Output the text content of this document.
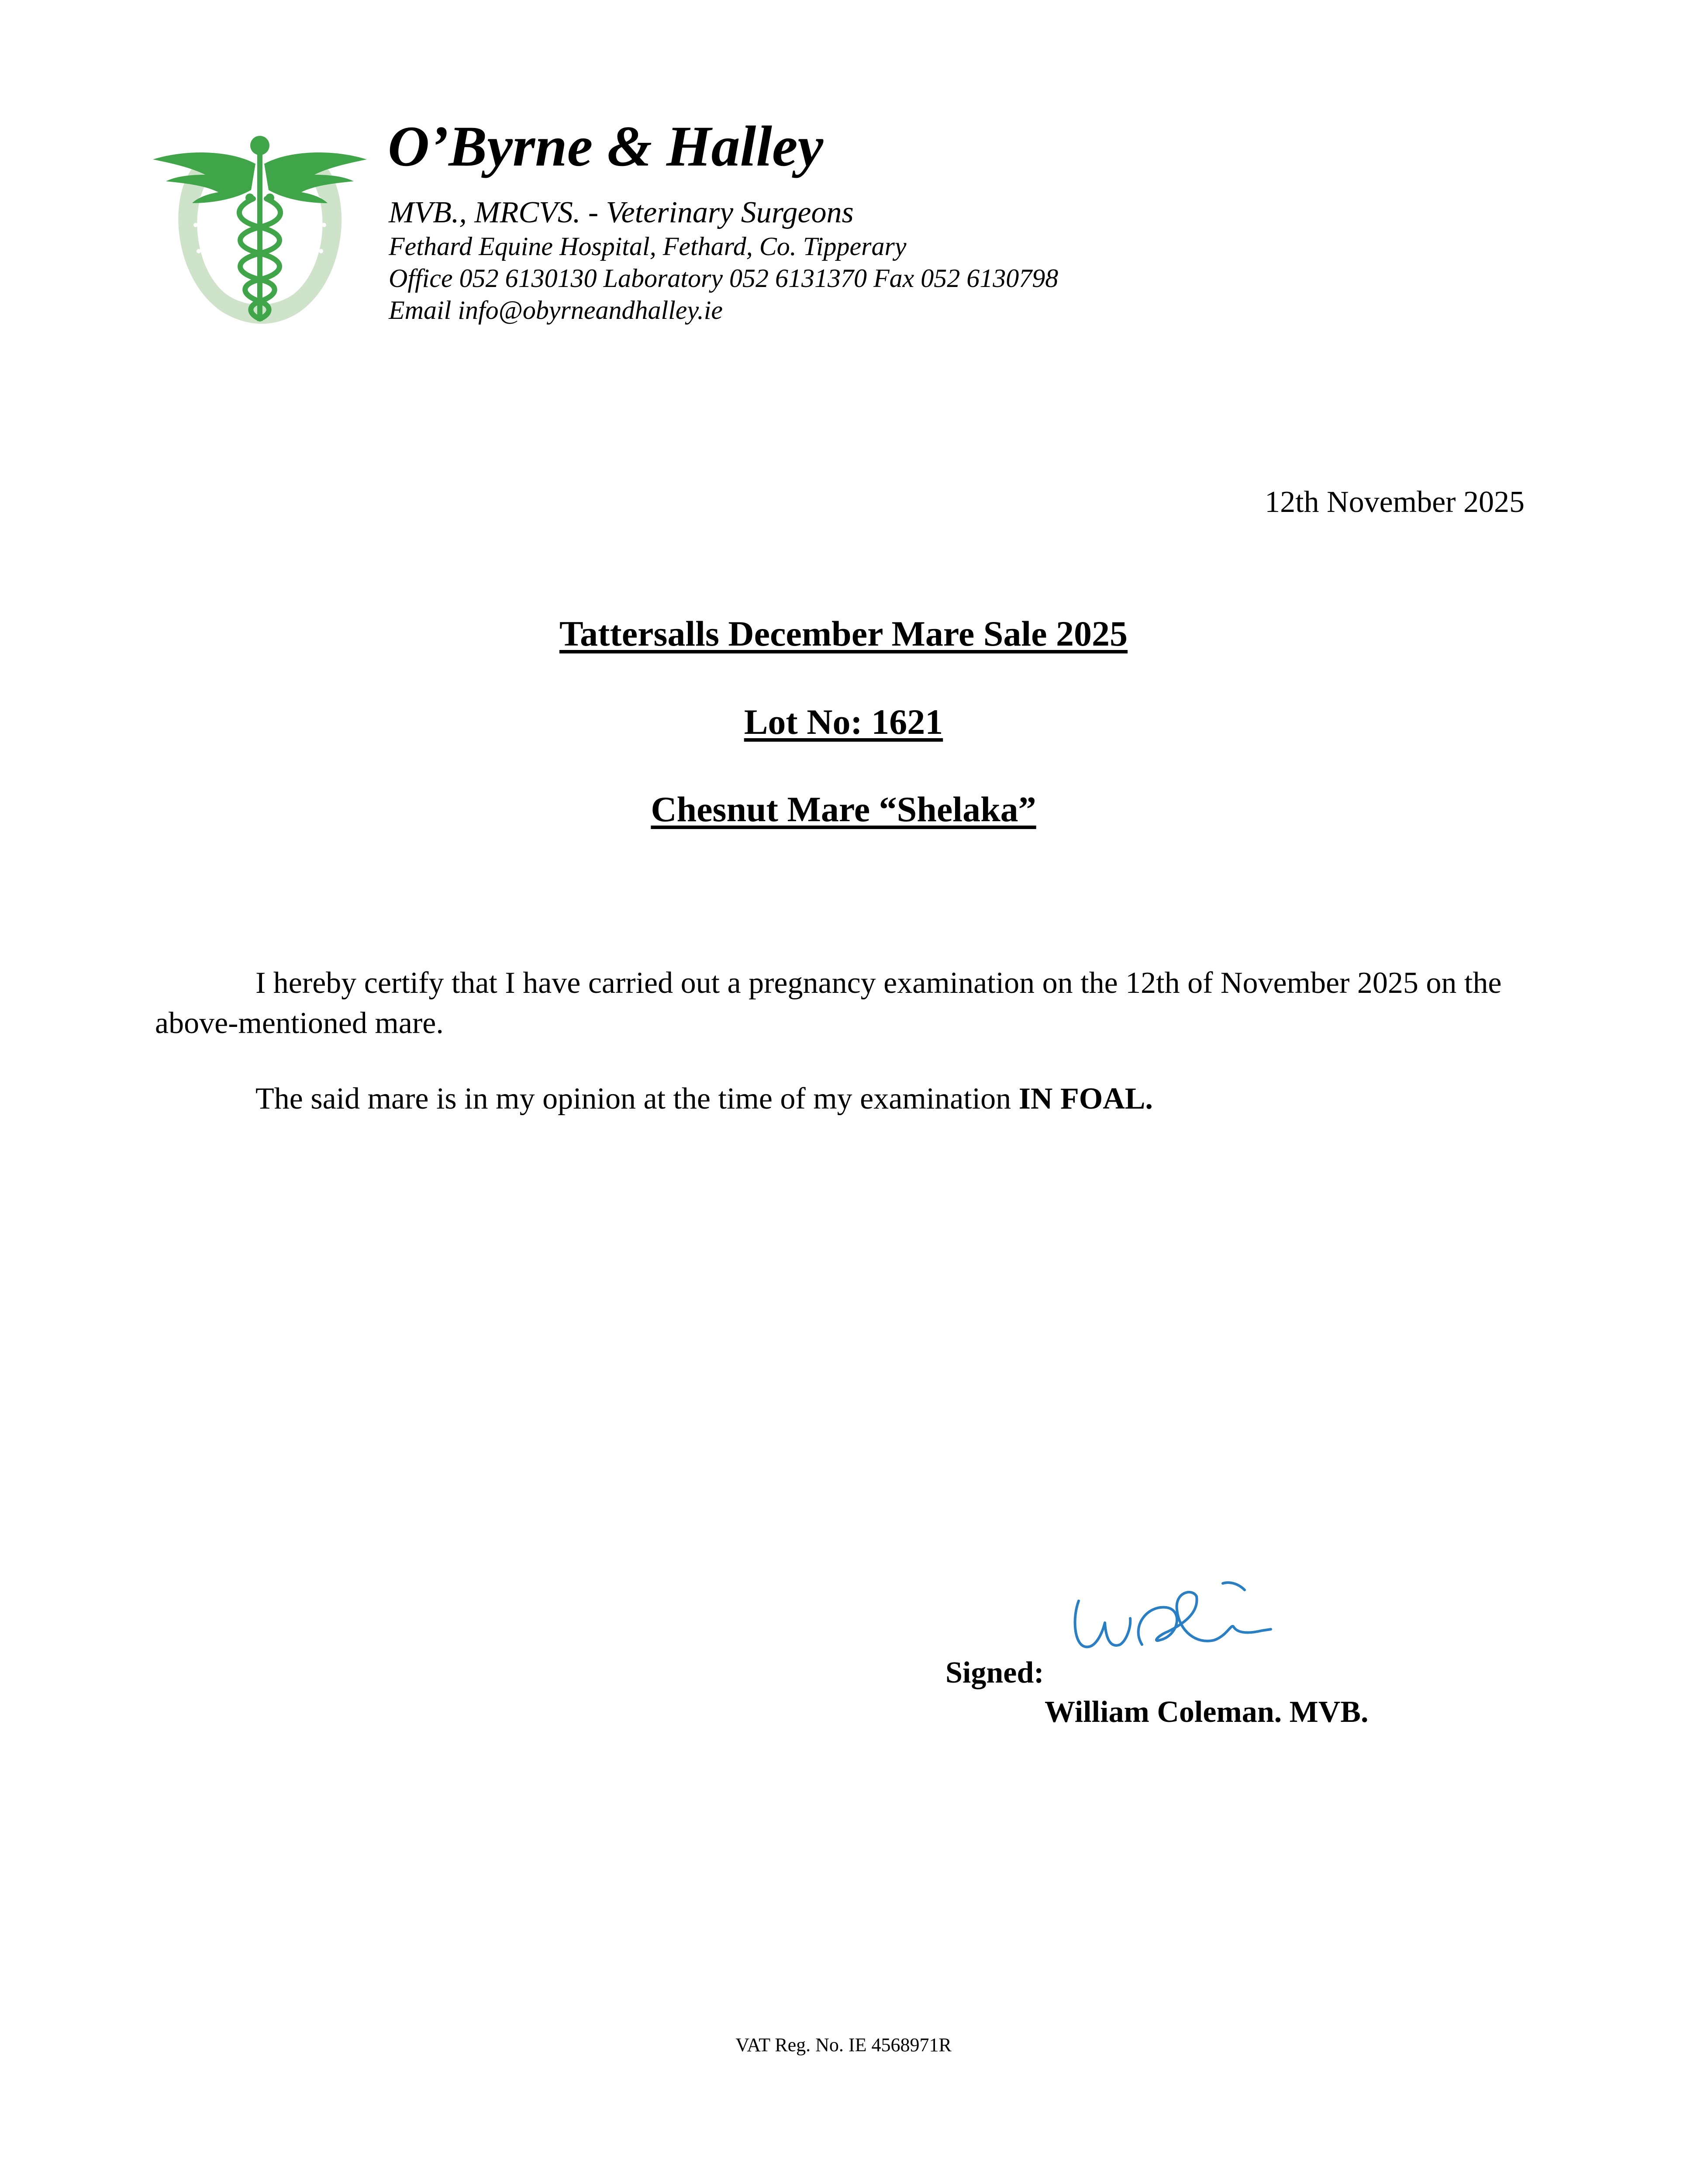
O’Byrne & Halley
MVB., MRCVS. - Veterinary Surgeons
Fethard Equine Hospital, Fethard, Co. Tipperary
Office 052 6130130 Laboratory 052 6131370 Fax 052 6130798
Email info@obyrneandhalley.ie
12th November 2025
Tattersalls December Mare Sale 2025
Lot No: 1621
Chesnut Mare “Shelaka”
I hereby certify that I have carried out a pregnancy examination on the 12th of November 2025 on the above-mentioned mare.
The said mare is in my opinion at the time of my examination IN FOAL.
Signed:
William Coleman. MVB.
VAT Reg. No. IE 4568971R
